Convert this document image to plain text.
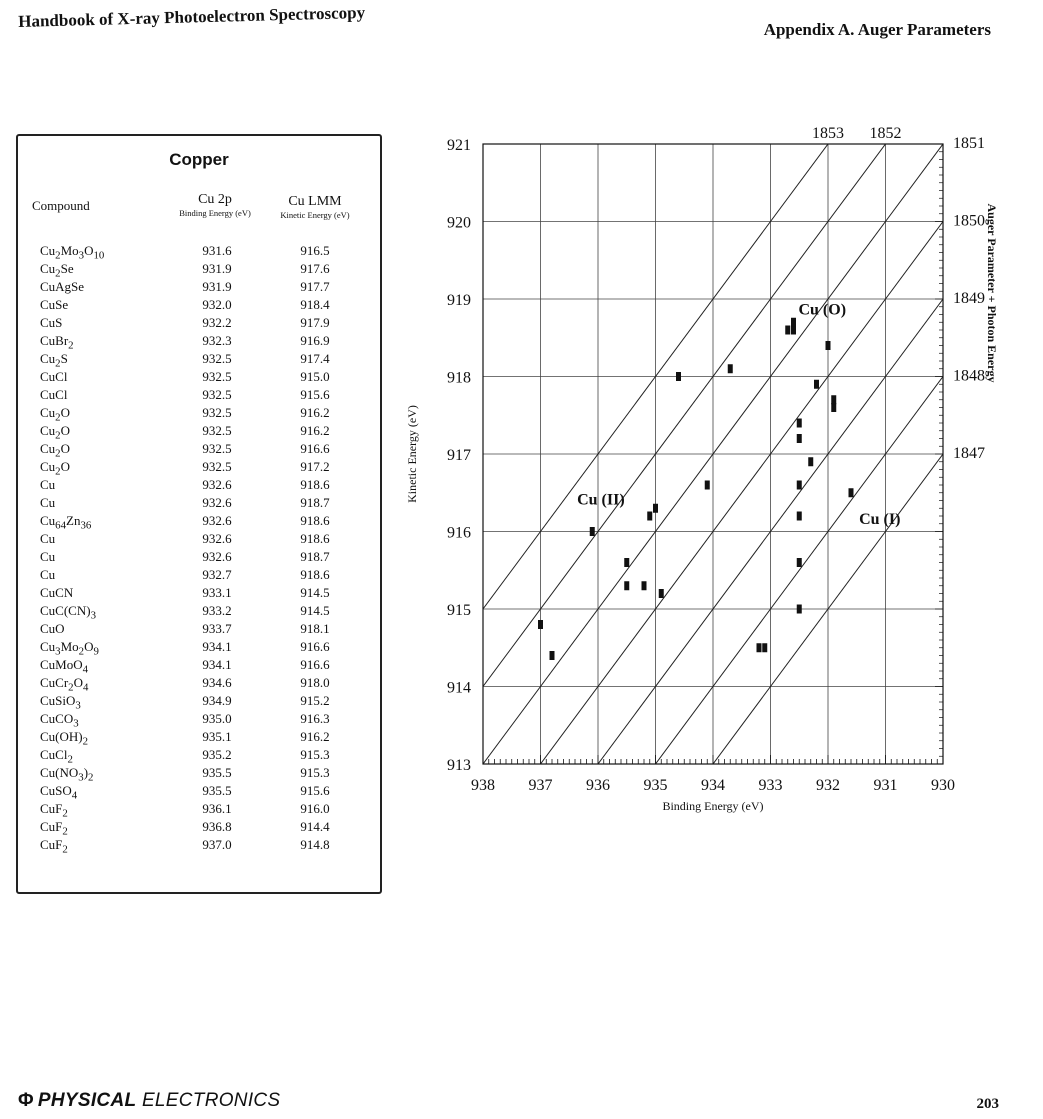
Handbook of X-ray Photoelectron Spectroscopy	Appendix A. Auger Parameters
Copper
Compound	Cu 2p
Binding Energy (eV)
Cu LMM
Kinetic Energy (eV)
$Cu_2Mo_3O_{10}$	931.6	916.5
$Cu_2Se$	931.9	917.6
CuAgSe	931.9	917.7
CuSe	932.0	918.4
CuS	932.2	917.9
CuBr$_2$	932.3	916.9
$Cu_2S$	932.5	917.4
CuCl	932.5	915.0
CuCl	932.5	915.6
$Cu_2O$	932.5	916.2
$Cu_2O$	932.5	916.2
$Cu_2O$	932.5	916.6
$Cu_2O$	932.5	917.2
Cu	932.6	918.6
Cu	932.6	918.7
$Cu_{64}Zn_{36}$	932.6	918.6
Cu	932.6	918.6
Cu	932.6	918.7
Cu	932.7	918.6
CuCN	933.1	914.5
$CuC(CN)_3$	933.2	914.5
CuO	933.7	918.1
$Cu_3Mo_2O_9$	934.1	916.6
CuMoO$_4$	934.1	916.6
$CuCr_2O_4$	934.6	918.0
CuSiO$_3$	934.9	915.2
CuCO$_3$	935.0	916.3
$Cu(OH)_2$	935.1	916.2
CuCl$_2$	935.2	915.3
$Cu(NO_3)_2$	935.5	915.3
CuSO$_4$	935.5	915.6
CuF$_2$	936.1	916.0
CuF$_2$	936.8	914.4
CuF$_2$	937.0	914.8
938 937 936 935 934 933 932 931 930
913
914
915
916
917
918
919
920
921
Binding Energy (eV)
Kinetic Energy (eV)
Auger Parameter + Photon Energy
1851
1850
1849
1848
1847
1853 1852
Cu (O)
Cu (II)
Cu (I)
Φ PHYSICAL ELECTRONICS	203
